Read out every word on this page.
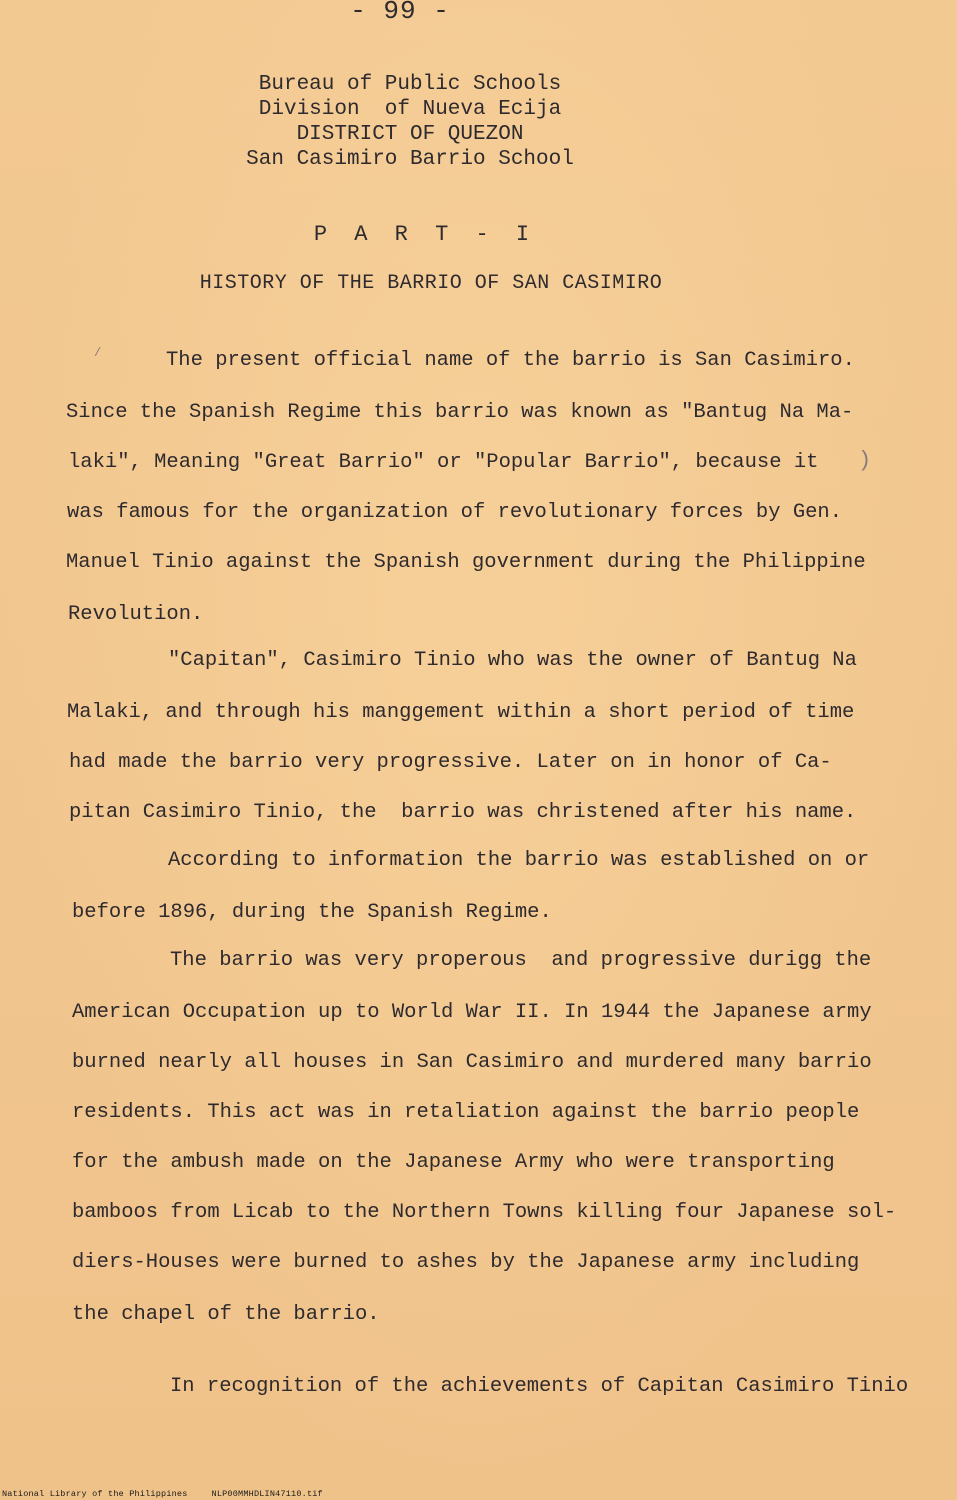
- 99 -
Bureau of Public Schools
Division  of Nueva Ecija
DISTRICT OF QUEZON
San Casimiro Barrio School
P A R T - I
HISTORY OF THE BARRIO OF SAN CASIMIRO
The present official name of the barrio is San Casimiro.
Since the Spanish Regime this barrio was known as "Bantug Na Ma-
laki", Meaning "Great Barrio" or "Popular Barrio", because it
was famous for the organization of revolutionary forces by Gen.
Manuel Tinio against the Spanish government during the Philippine
Revolution.
"Capitan", Casimiro Tinio who was the owner of Bantug Na
Malaki, and through his manggement within a short period of time
had made the barrio very progressive. Later on in honor of Ca-
pitan Casimiro Tinio, the  barrio was christened after his name.
According to information the barrio was established on or
before 1896, during the Spanish Regime.
The barrio was very properous  and progressive durigg the
American Occupation up to World War II. In 1944 the Japanese army
burned nearly all houses in San Casimiro and murdered many barrio
residents. This act was in retaliation against the barrio people
for the ambush made on the Japanese Army who were transporting
bamboos from Licab to the Northern Towns killing four Japanese sol-
diers-Houses were burned to ashes by the Japanese army including
the chapel of the barrio.
In recognition of the achievements of Capitan Casimiro Tinio
/
)
National Library of the Philippines	NLP00MMHDLIN47110.tif
